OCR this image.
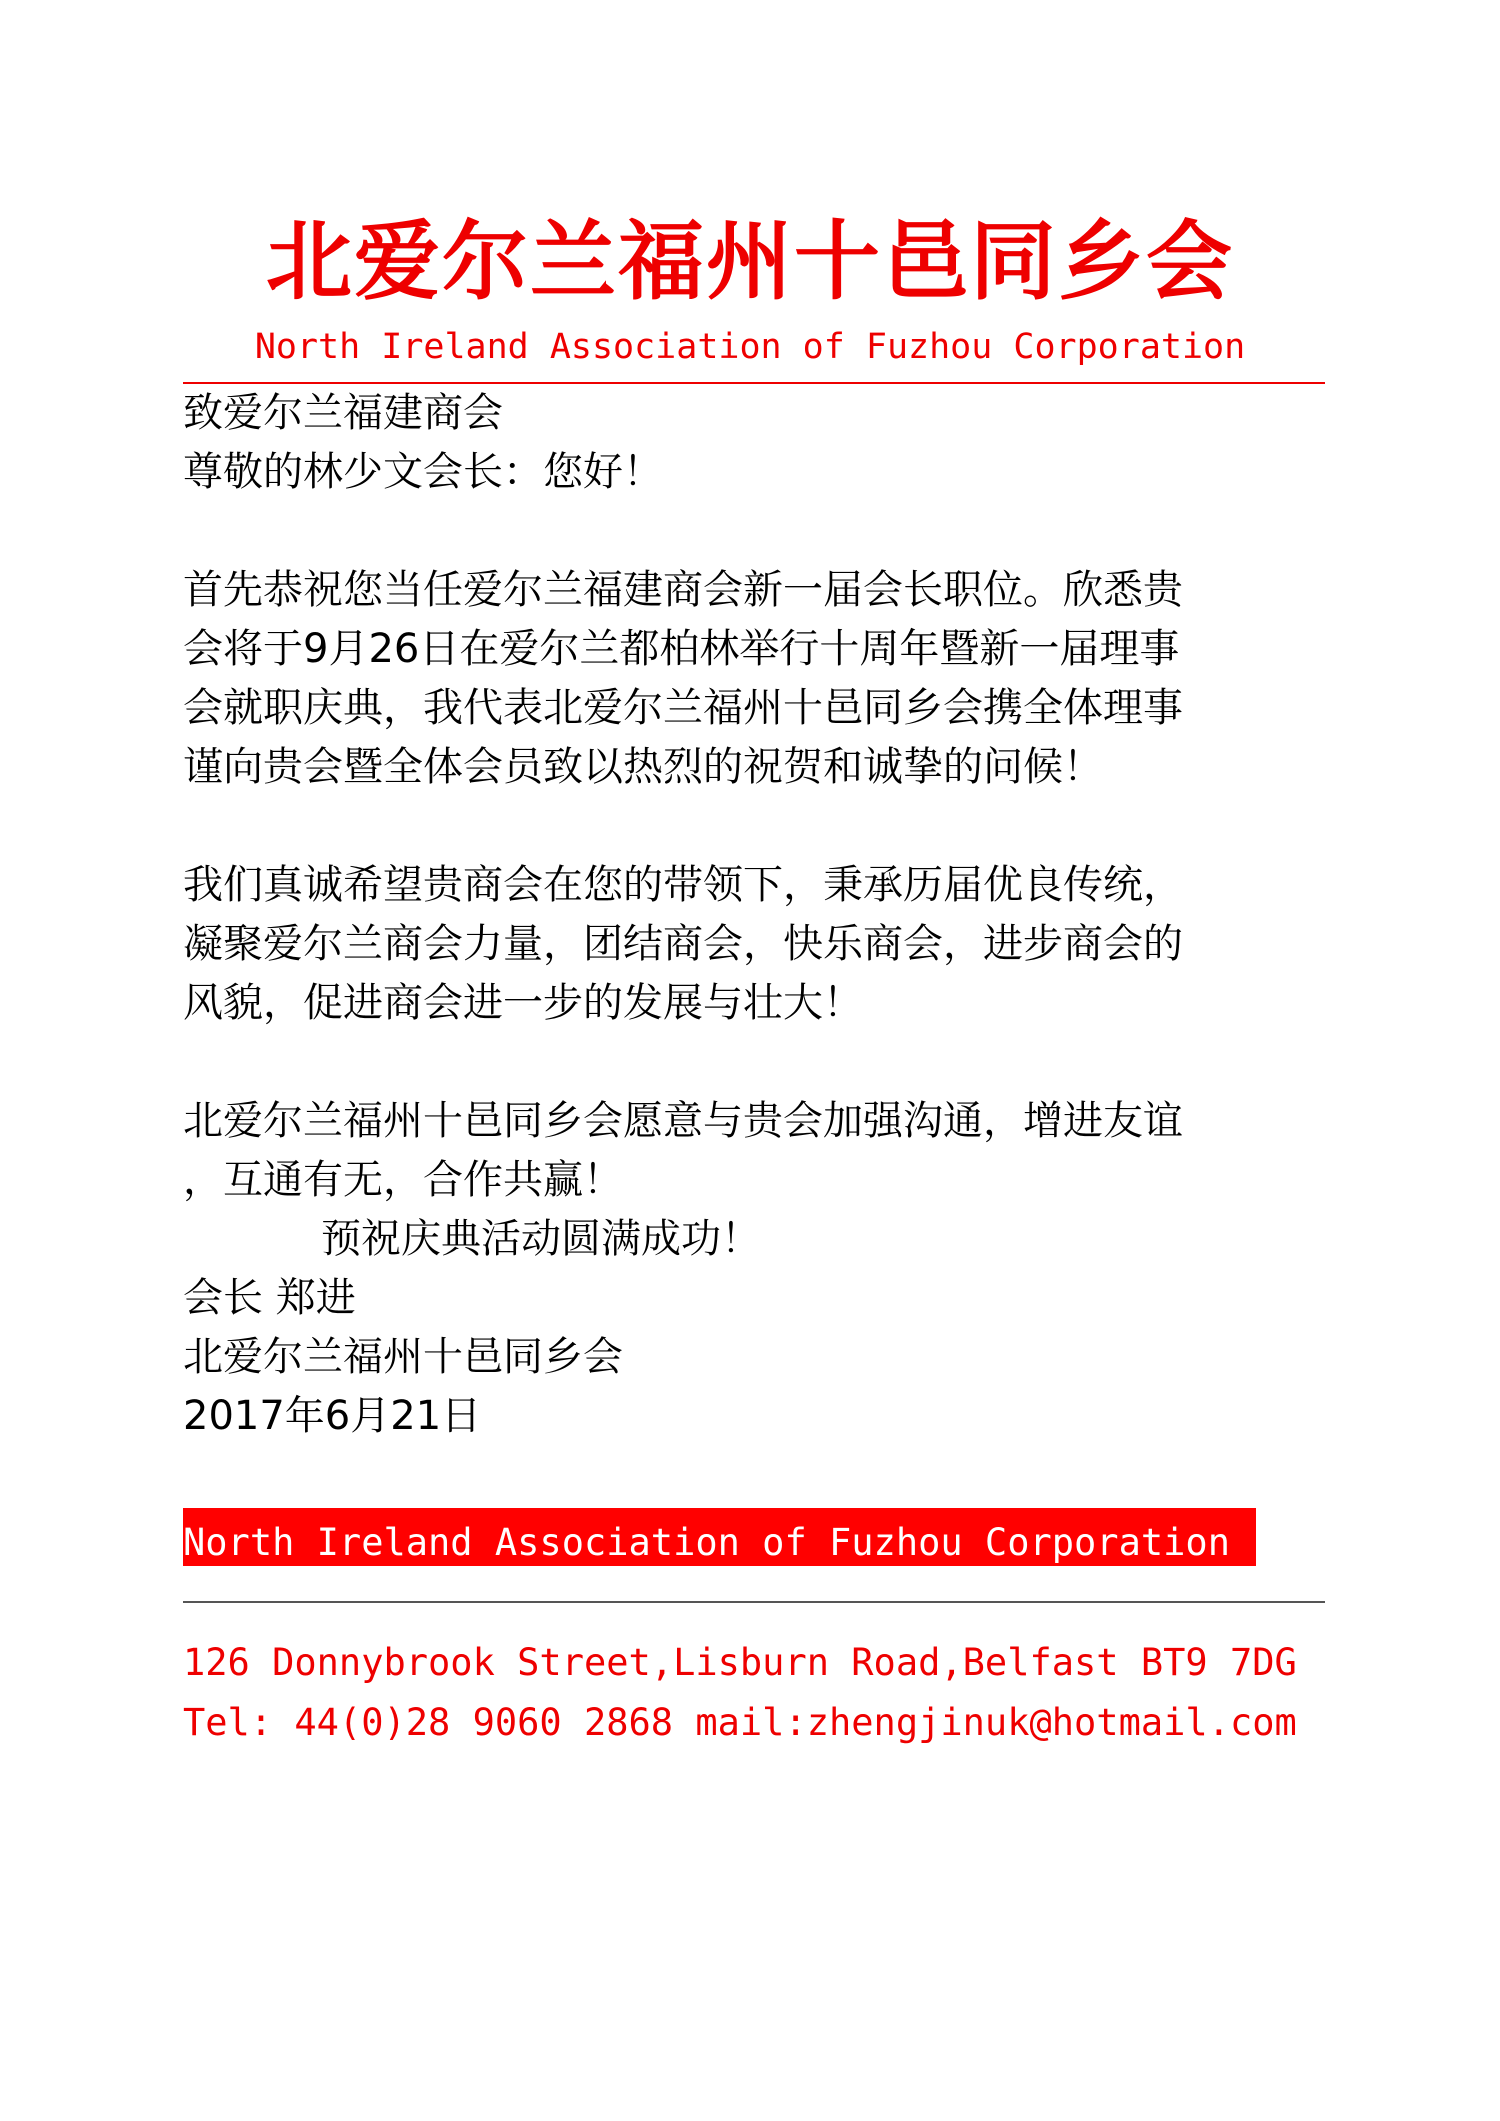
北爱尔兰福州十邑同乡会
North Ireland Association of Fuzhou Corporation

致爱尔兰福建商会

尊敬的林少文会长：您好！

首先恭祝您当任爱尔兰福建商会新一届会长职位。欣悉贵

会将于9月26日在爱尔兰都柏林举行十周年暨新一届理事

会就职庆典，我代表北爱尔兰福州十邑同乡会携全体理事

谨向贵会暨全体会员致以热烈的祝贺和诚挚的问候！

我们真诚希望贵商会在您的带领下，秉承历届优良传统，

凝聚爱尔兰商会力量，团结商会，快乐商会，进步商会的

风貌，促进商会进一步的发展与壮大！

北爱尔兰福州十邑同乡会愿意与贵会加强沟通，增进友谊

，互通有无，合作共赢！

预祝庆典活动圆满成功！

会长 郑进

北爱尔兰福州十邑同乡会

2017年6月21日

North Ireland Association of Fuzhou Corporation
126 Donnybrook Street,Lisburn Road,Belfast BT9 7DG
Tel: 44(0)28 9060 2868 mail:zhengjinuk@hotmail.com
